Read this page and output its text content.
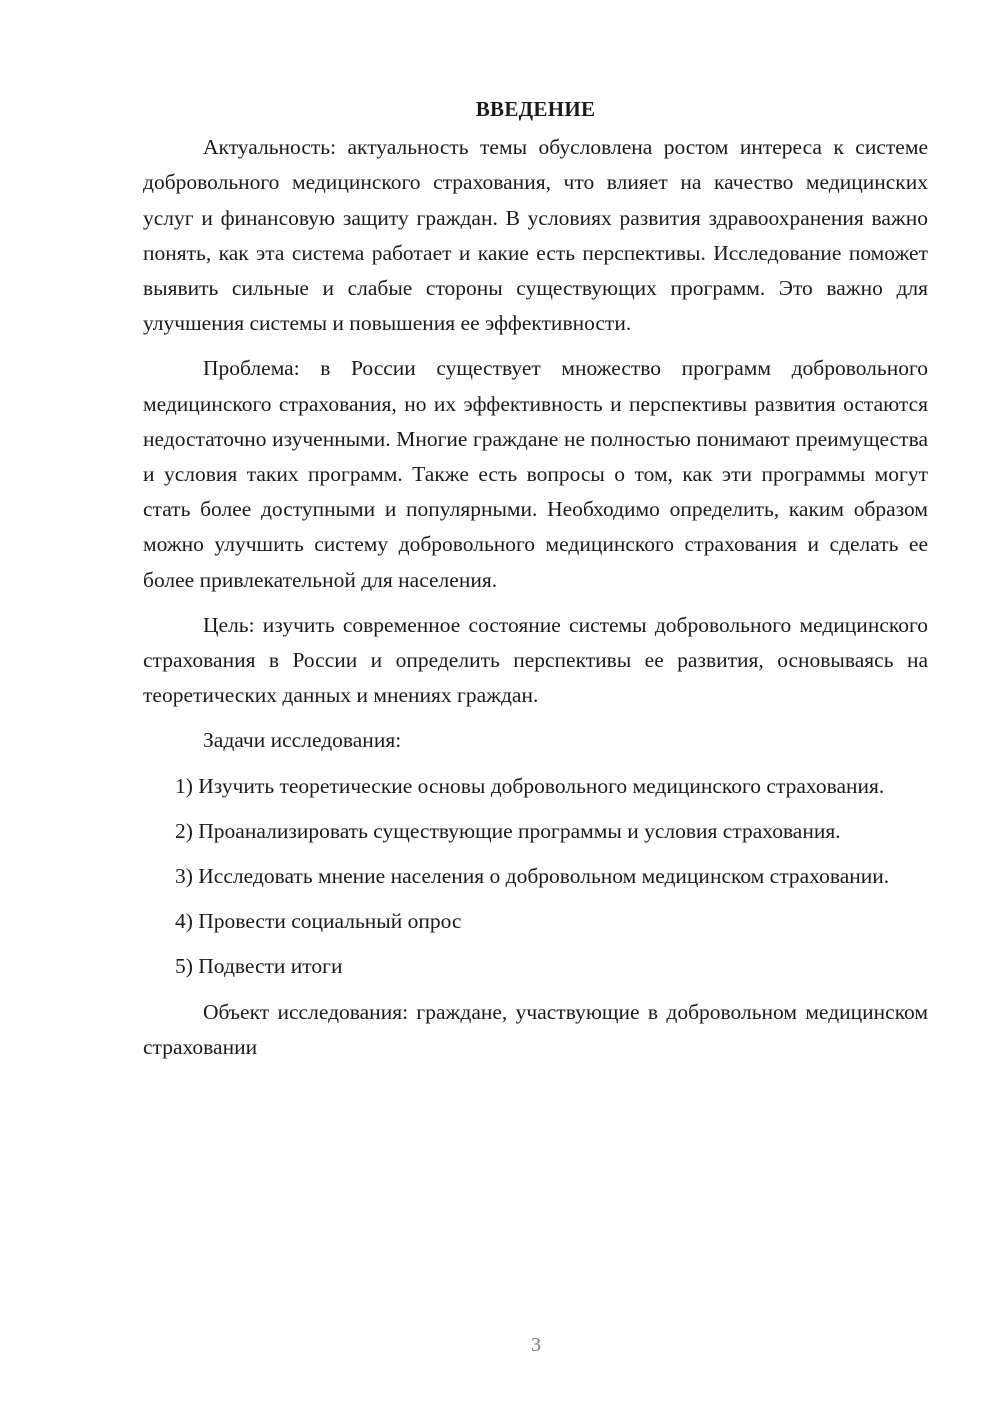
ВВЕДЕНИЕ

Актуальность: актуальность темы обусловлена ростом интереса к системе добровольного медицинского страхования, что влияет на качество медицинских услуг и финансовую защиту граждан. В условиях развития здравоохранения важно понять, как эта система работает и какие есть перспективы. Исследование поможет выявить сильные и слабые стороны существующих программ. Это важно для улучшения системы и повышения ее эффективности.

Проблема: в России существует множество программ добровольного медицинского страхования, но их эффективность и перспективы развития остаются недостаточно изученными. Многие граждане не полностью понимают преимущества и условия таких программ. Также есть вопросы о том, как эти программы могут стать более доступными и популярными. Необходимо определить, каким образом можно улучшить систему добровольного медицинского страхования и сделать ее более привлекательной для населения.

Цель: изучить современное состояние системы добровольного медицинского страхования в России и определить перспективы ее развития, основываясь на теоретических данных и мнениях граждан.

Задачи исследования:

1) Изучить теоретические основы добровольного медицинского страхования.

2) Проанализировать существующие программы и условия страхования.

3) Исследовать мнение населения о добровольном медицинском страховании.

4) Провести социальный опрос

5) Подвести итоги

Объект исследования: граждане, участвующие в добровольном медицинском страховании

3
